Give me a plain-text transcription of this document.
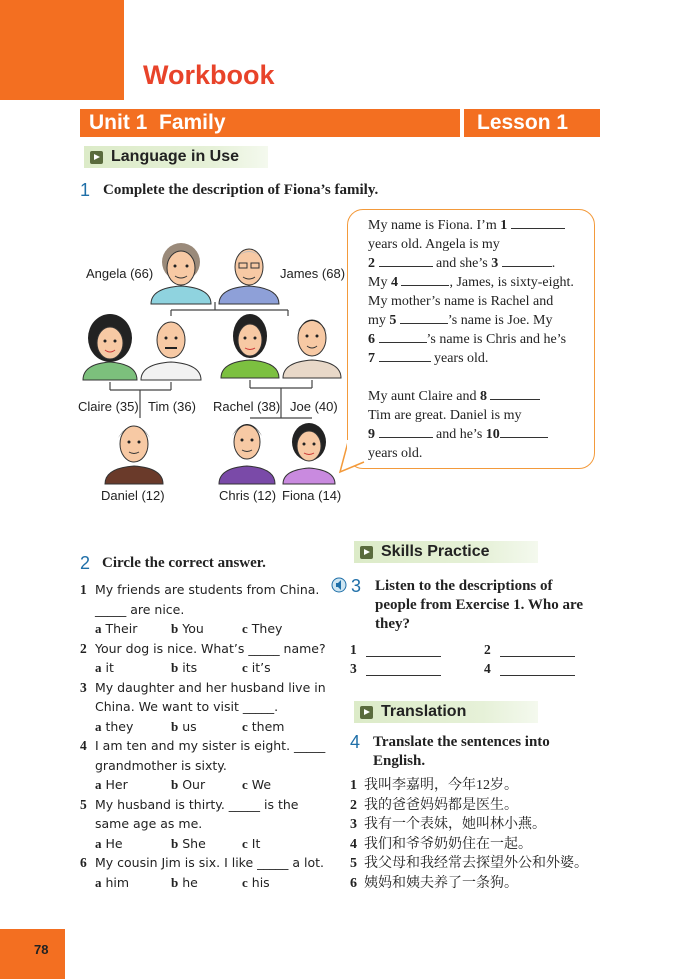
Workbook
Unit 1  Family	Lesson 1
Language in Use
1 Complete the description of Fiona’s family.
Angela (66)	James (68)
Claire (35) Tim (36) Rachel (38) Joe (40)
Daniel (12)	Chris (12) Fiona (14)

My name is Fiona. I’m 1

years old. Angela is my

2	and she’s 3	.

My 4	, James, is sixty-eight.

My mother’s name is Rachel and

my 5	’s name is Joe. My

6	’s name is Chris and he’s

7	years old.

My aunt Claire and 8

Tim are great. Daniel is my

9	and he’s 10

years old.

2 Circle the correct answer.
1 My friends are students from China.
_____ are nice.
a Their	b You	c They
2 Your dog is nice. What’s _____ name?
a it	b its	c it’s
3 My daughter and her husband live in
China. We want to visit _____.
a they	b us	c them
4 I am ten and my sister is eight. _____
grandmother is sixty.
a Her	b Our	c We
5 My husband is thirty. _____ is the
same age as me.
a He	b She	c It
6 My cousin Jim is six. I like _____ a lot.
a him	b he	c his
Skills Practice
3 Listen to the descriptions of
people from Exercise 1. Who are
they?
1	2
3	4
Translation
4 Translate the sentences into
English.
1 我叫李嘉明，今年12岁。
2 我的爸爸妈妈都是医生。
3 我有一个表妹，她叫林小燕。
4 我们和爷爷奶奶住在一起。
5 我父母和我经常去探望外公和外婆。
6 姨妈和姨夫养了一条狗。
78
